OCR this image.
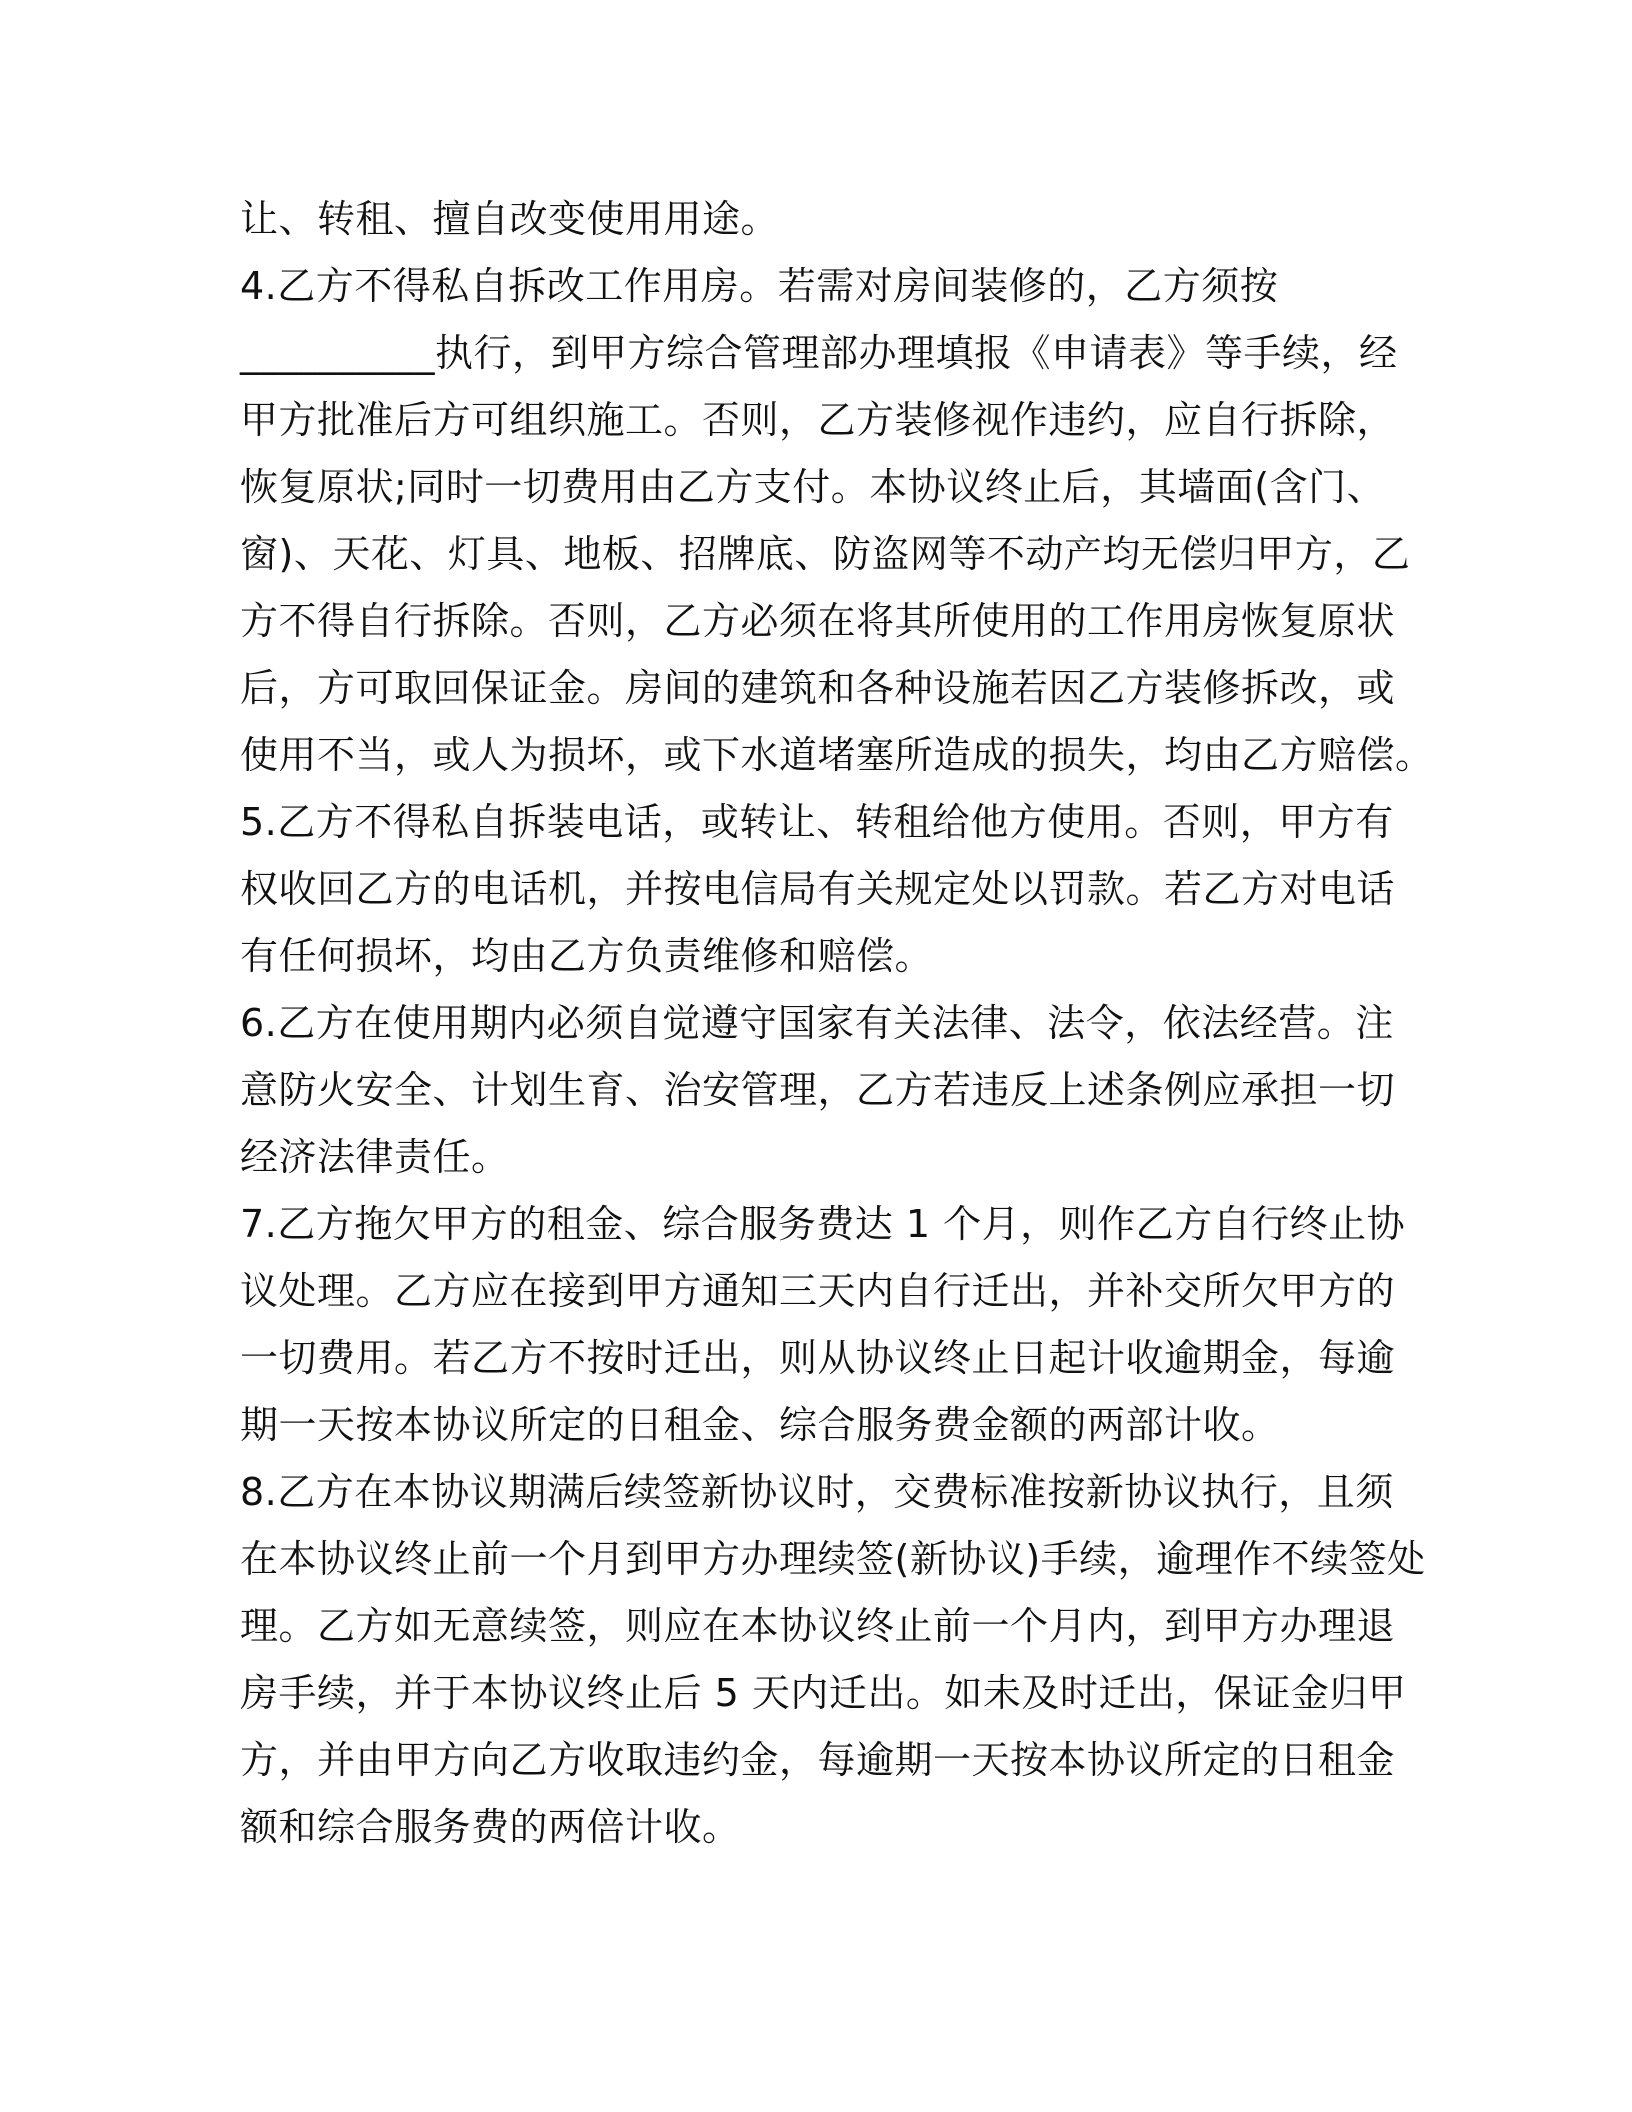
让、转租、擅自改变使用用途。
4.乙方不得私自拆改工作用房。若需对房间装修的，乙方须按
__________执行，到甲方综合管理部办理填报《申请表》等手续，经
甲方批准后方可组织施工。否则，乙方装修视作违约，应自行拆除，
恢复原状;同时一切费用由乙方支付。本协议终止后，其墙面(含门、
窗)、天花、灯具、地板、招牌底、防盗网等不动产均无偿归甲方，乙
方不得自行拆除。否则，乙方必须在将其所使用的工作用房恢复原状
后，方可取回保证金。房间的建筑和各种设施若因乙方装修拆改，或
使用不当，或人为损坏，或下水道堵塞所造成的损失，均由乙方赔偿。
5.乙方不得私自拆装电话，或转让、转租给他方使用。否则，甲方有
权收回乙方的电话机，并按电信局有关规定处以罚款。若乙方对电话
有任何损坏，均由乙方负责维修和赔偿。
6.乙方在使用期内必须自觉遵守国家有关法律、法令，依法经营。注
意防火安全、计划生育、治安管理，乙方若违反上述条例应承担一切
经济法律责任。
7.乙方拖欠甲方的租金、综合服务费达 1 个月，则作乙方自行终止协
议处理。乙方应在接到甲方通知三天内自行迁出，并补交所欠甲方的
一切费用。若乙方不按时迁出，则从协议终止日起计收逾期金，每逾
期一天按本协议所定的日租金、综合服务费金额的两部计收。
8.乙方在本协议期满后续签新协议时，交费标准按新协议执行，且须
在本协议终止前一个月到甲方办理续签(新协议)手续，逾理作不续签处
理。乙方如无意续签，则应在本协议终止前一个月内，到甲方办理退
房手续，并于本协议终止后 5 天内迁出。如未及时迁出，保证金归甲
方，并由甲方向乙方收取违约金，每逾期一天按本协议所定的日租金
额和综合服务费的两倍计收。
